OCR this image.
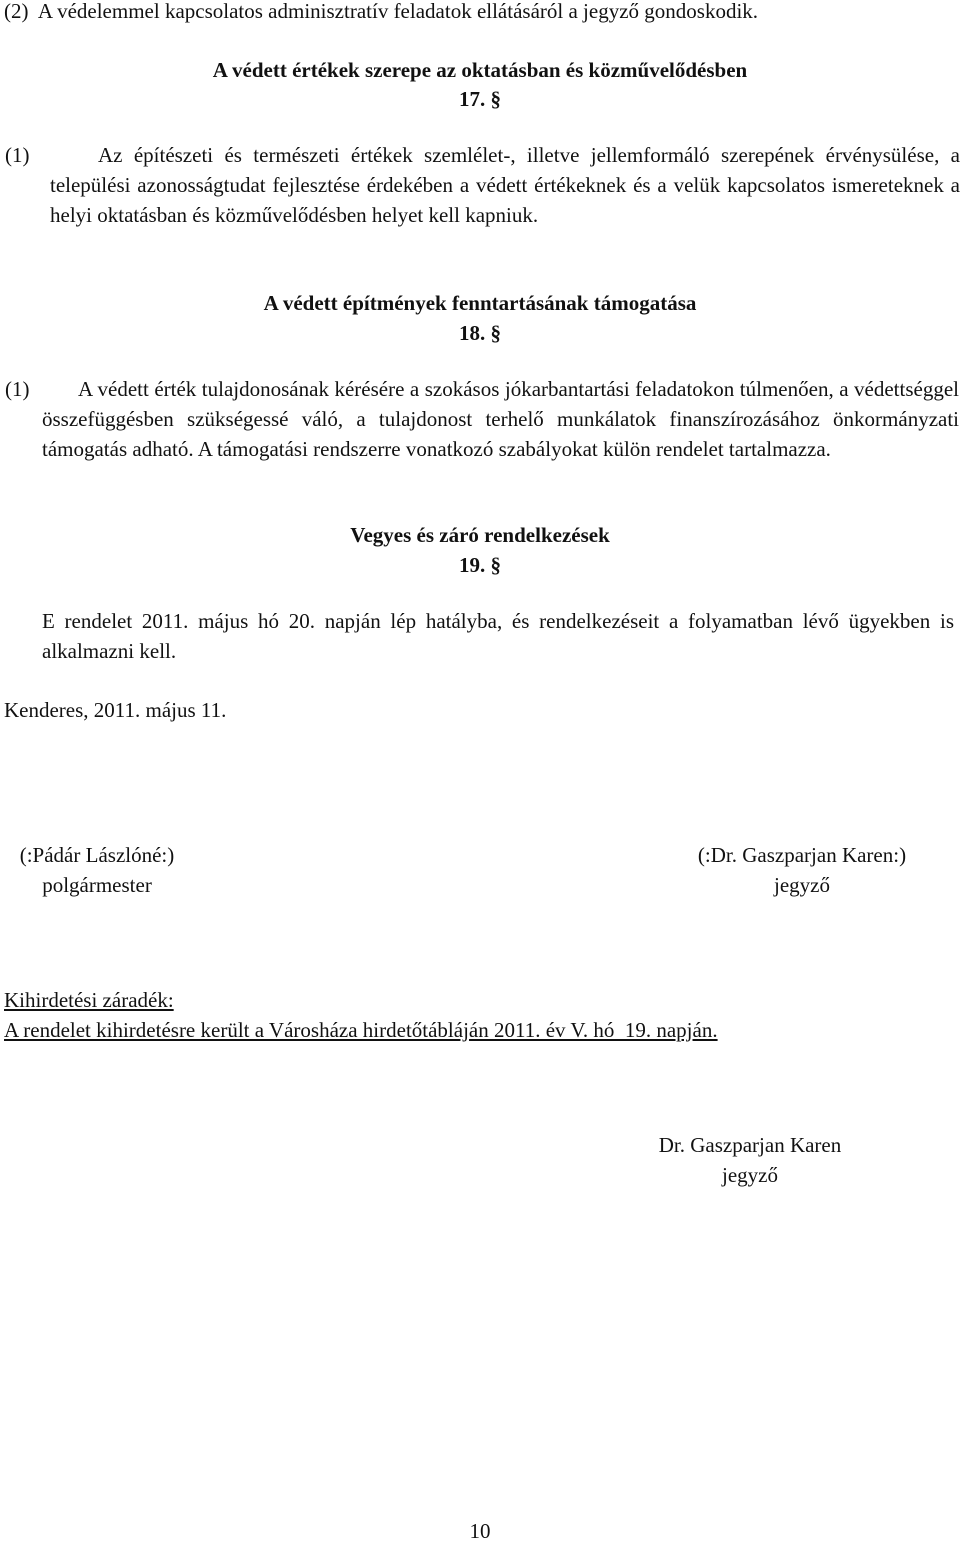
(2)  A védelemmel kapcsolatos adminisztratív feladatok ellátásáról a jegyző gondoskodik.
A védett értékek szerepe az oktatásban és közművelődésben
17. §
(1)	Az építészeti és természeti értékek szemlélet-, illetve jellemformáló szerepének érvénysülése, a települési azonosságtudat fejlesztése érdekében a védett értékeknek és a velük kapcsolatos ismereteknek a helyi oktatásban és közművelődésben helyet kell kapniuk.
A védett építmények fenntartásának támogatása
18. §
(1)	A védett érték tulajdonosának kérésére a szokásos jókarbantartási feladatokon túlmenően, a védettséggel összefüggésben szükségessé váló, a tulajdonost terhelő munkálatok finanszírozásához önkormányzati támogatás adható. A támogatási rendszerre vonatkozó szabályokat külön rendelet tartalmazza.
Vegyes és záró rendelkezések
19. §
E rendelet 2011. május hó 20. napján lép hatályba, és rendelkezéseit a folyamatban lévő ügyekben is alkalmazni kell.
Kenderes, 2011. május 11.
(:Pádár Lászlóné:)
polgármester
(:Dr. Gaszparjan Karen:)
jegyző
Kihirdetési záradék:
A rendelet kihirdetésre került a Városháza hirdetőtábláján 2011. év V. hó  19. napján.
Dr. Gaszparjan Karen
jegyző
10
